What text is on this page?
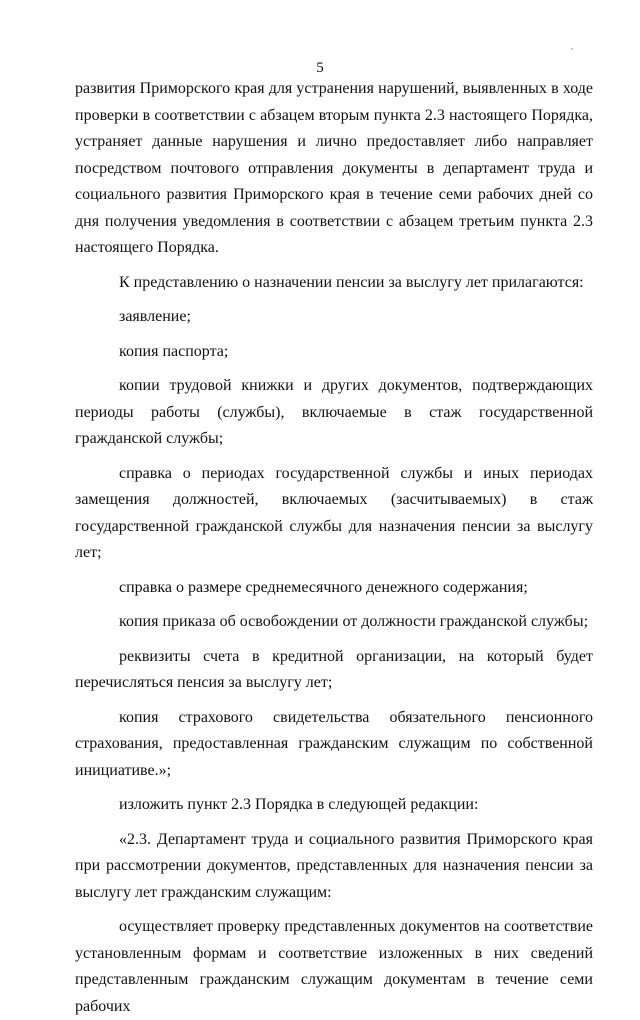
5

развития Приморского края для устранения нарушений, выявленных в ходе проверки в соответствии с абзацем вторым пункта 2.3 настоящего Порядка, устраняет данные нарушения и лично предоставляет либо направляет посредством почтового отправления документы в департамент труда и социального развития Приморского края в течение семи рабочих дней со дня получения уведомления в соответствии с абзацем третьим пункта 2.3 настоящего Порядка.

К представлению о назначении пенсии за выслугу лет прилагаются:

заявление;

копия паспорта;

копии трудовой книжки и других документов, подтверждающих периоды работы (службы), включаемые в стаж государственной гражданской службы;

справка о периодах государственной службы и иных периодах замещения должностей, включаемых (засчитываемых) в стаж государственной гражданской службы для назначения пенсии за выслугу лет;

справка о размере среднемесячного денежного содержания;

копия приказа об освобождении от должности гражданской службы;

реквизиты счета в кредитной организации, на который будет перечисляться пенсия за выслугу лет;

копия страхового свидетельства обязательного пенсионного страхования, предоставленная гражданским служащим по собственной инициативе.»;

изложить пункт 2.3 Порядка в следующей редакции:

«2.3. Департамент труда и социального развития Приморского края при рассмотрении документов, представленных для назначения пенсии за выслугу лет гражданским служащим:

осуществляет проверку представленных документов на соответствие установленным формам и соответствие изложенных в них сведений представленным гражданским служащим документам в течение семи рабочих
